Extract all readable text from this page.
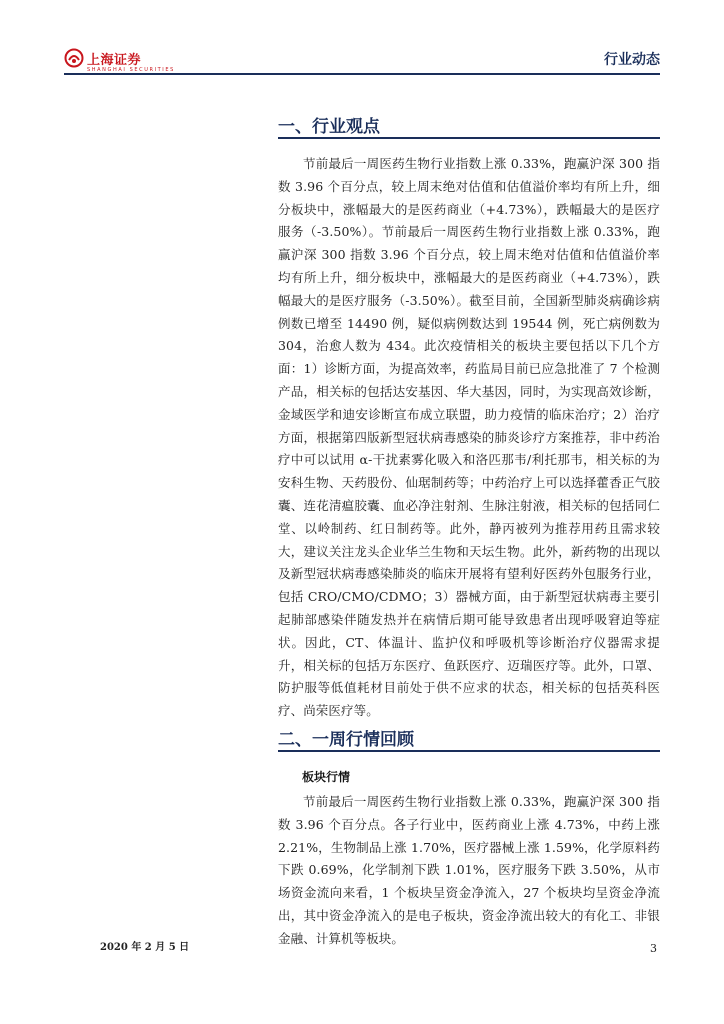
上海证券
SHANGHAI SECURITIES
行业动态
一、行业观点

节前最后一周医药生物行业指数上涨 0.33%，跑赢沪深 300 指数 3.96 个百分点，较上周末绝对估值和估值溢价率均有所上升，细分板块中，涨幅最大的是医药商业（+4.73%），跌幅最大的是医疗服务（-3.50%）。节前最后一周医药生物行业指数上涨 0.33%，跑赢沪深 300 指数 3.96 个百分点，较上周末绝对估值和估值溢价率均有所上升，细分板块中，涨幅最大的是医药商业（+4.73%），跌幅最大的是医疗服务（-3.50%）。截至目前，全国新型肺炎病确诊病例数已增至 14490 例，疑似病例数达到 19544 例，死亡病例数为 304，治愈人数为 434。此次疫情相关的板块主要包括以下几个方面：1）诊断方面，为提高效率，药监局目前已应急批准了 7 个检测产品，相关标的包括达安基因、华大基因，同时，为实现高效诊断，金域医学和迪安诊断宣布成立联盟，助力疫情的临床治疗；2）治疗方面，根据第四版新型冠状病毒感染的肺炎诊疗方案推荐，非中药治疗中可以试用 α-干扰素雾化吸入和洛匹那韦/利托那韦，相关标的为安科生物、天药股份、仙琚制药等；中药治疗上可以选择藿香正气胶囊、连花清瘟胶囊、血必净注射剂、生脉注射液，相关标的包括同仁堂、以岭制药、红日制药等。此外，静丙被列为推荐用药且需求较大，建议关注龙头企业华兰生物和天坛生物。此外，新药物的出现以及新型冠状病毒感染肺炎的临床开展将有望利好医药外包服务行业，包括 CRO/CMO/CDMO；3）器械方面，由于新型冠状病毒主要引起肺部感染伴随发热并在病情后期可能导致患者出现呼吸窘迫等症状。因此，CT、体温计、监护仪和呼吸机等诊断治疗仪器需求提升，相关标的包括万东医疗、鱼跃医疗、迈瑞医疗等。此外，口罩、防护服等低值耗材目前处于供不应求的状态，相关标的包括英科医疗、尚荣医疗等。

二、一周行情回顾
板块行情

节前最后一周医药生物行业指数上涨 0.33%，跑赢沪深 300 指数 3.96 个百分点。各子行业中，医药商业上涨 4.73%，中药上涨 2.21%，生物制品上涨 1.70%，医疗器械上涨 1.59%，化学原料药下跌 0.69%，化学制剂下跌 1.01%，医疗服务下跌 3.50%，从市场资金流向来看，1 个板块呈资金净流入，27 个板块均呈资金净流出，其中资金净流入的是电子板块，资金净流出较大的有化工、非银金融、计算机等板块。

2020 年 2 月 5 日	3
